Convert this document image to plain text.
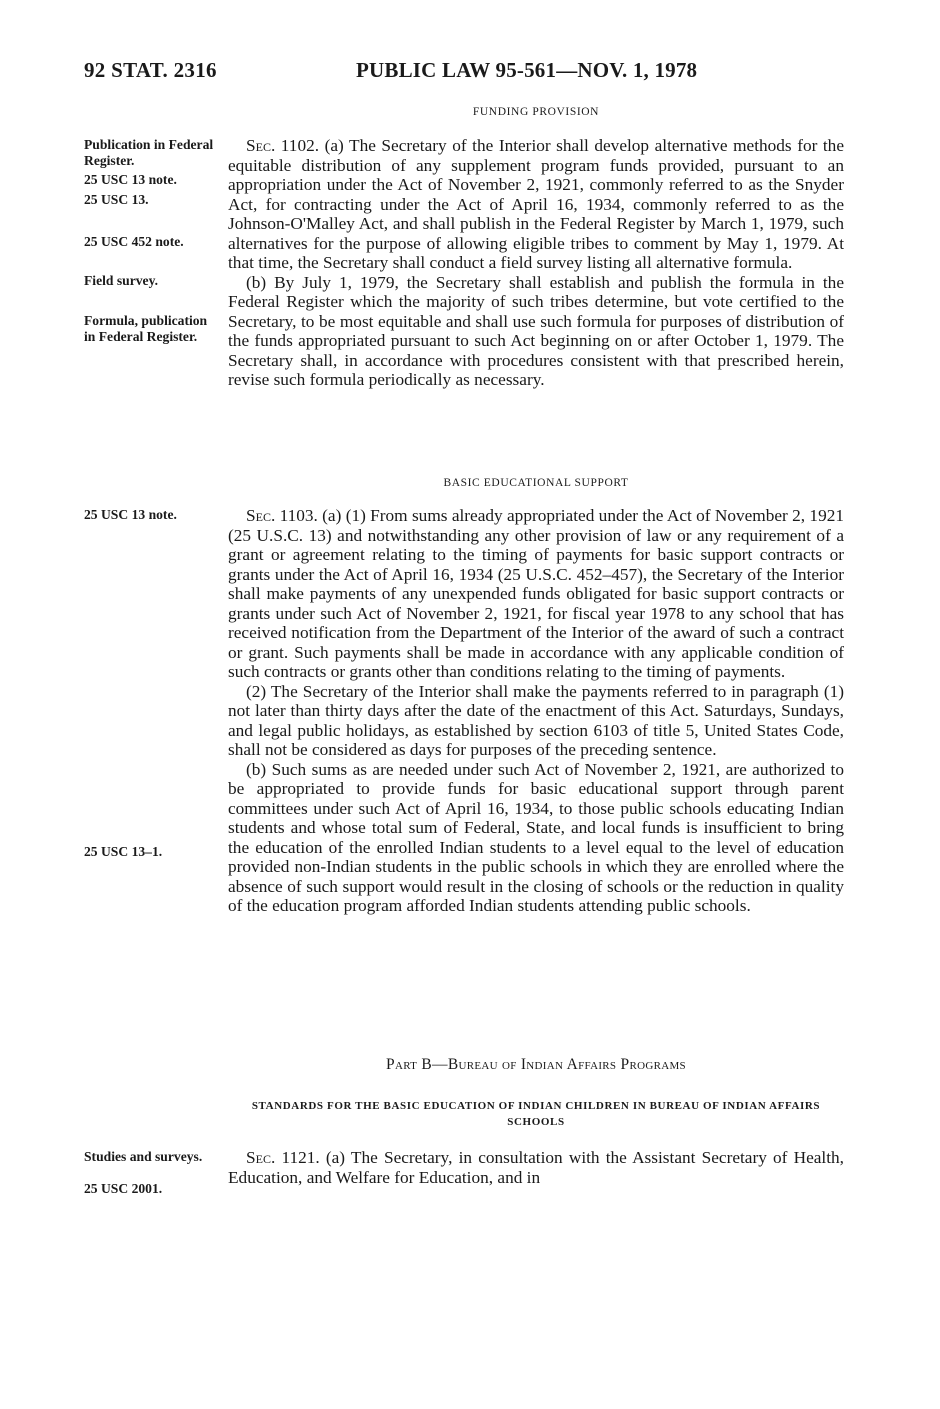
92 STAT. 2316	PUBLIC LAW 95-561—NOV. 1, 1978
FUNDING PROVISION
Publication in Federal Register.
25 USC 13 note.
25 USC 13.
25 USC 452 note.
Field survey.
Formula, publication in Federal Register.

Sec. 1102. (a) The Secretary of the Interior shall develop alternative methods for the equitable distribution of any supplement program funds provided, pursuant to an appropriation under the Act of November 2, 1921, commonly referred to as the Snyder Act, for contracting under the Act of April 16, 1934, commonly referred to as the Johnson-O'Malley Act, and shall publish in the Federal Register by March 1, 1979, such alternatives for the purpose of allowing eligible tribes to comment by May 1, 1979. At that time, the Secretary shall conduct a field survey listing all alternative formula.

(b) By July 1, 1979, the Secretary shall establish and publish the formula in the Federal Register which the majority of such tribes determine, but vote certified to the Secretary, to be most equitable and shall use such formula for purposes of distribution of the funds appropriated pursuant to such Act beginning on or after October 1, 1979. The Secretary shall, in accordance with procedures consistent with that prescribed herein, revise such formula periodically as necessary.

BASIC EDUCATIONAL SUPPORT
25 USC 13 note.
25 USC 13–1.

Sec. 1103. (a) (1) From sums already appropriated under the Act of November 2, 1921 (25 U.S.C. 13) and notwithstanding any other provision of law or any requirement of a grant or agreement relating to the timing of payments for basic support contracts or grants under the Act of April 16, 1934 (25 U.S.C. 452–457), the Secretary of the Interior shall make payments of any unexpended funds obligated for basic support contracts or grants under such Act of November 2, 1921, for fiscal year 1978 to any school that has received notification from the Department of the Interior of the award of such a contract or grant. Such payments shall be made in accordance with any applicable condition of such contracts or grants other than conditions relating to the timing of payments.

(2) The Secretary of the Interior shall make the payments referred to in paragraph (1) not later than thirty days after the date of the enactment of this Act. Saturdays, Sundays, and legal public holidays, as established by section 6103 of title 5, United States Code, shall not be considered as days for purposes of the preceding sentence.

(b) Such sums as are needed under such Act of November 2, 1921, are authorized to be appropriated to provide funds for basic educational support through parent committees under such Act of April 16, 1934, to those public schools educating Indian students and whose total sum of Federal, State, and local funds is insufficient to bring the education of the enrolled Indian students to a level equal to the level of education provided non-Indian students in the public schools in which they are enrolled where the absence of such support would result in the closing of schools or the reduction in quality of the education program afforded Indian students attending public schools.

Part B—Bureau of Indian Affairs Programs
STANDARDS FOR THE BASIC EDUCATION OF INDIAN CHILDREN IN BUREAU OF INDIAN AFFAIRS SCHOOLS
Studies and surveys.
25 USC 2001.

Sec. 1121. (a) The Secretary, in consultation with the Assistant Secretary of Health, Education, and Welfare for Education, and in
